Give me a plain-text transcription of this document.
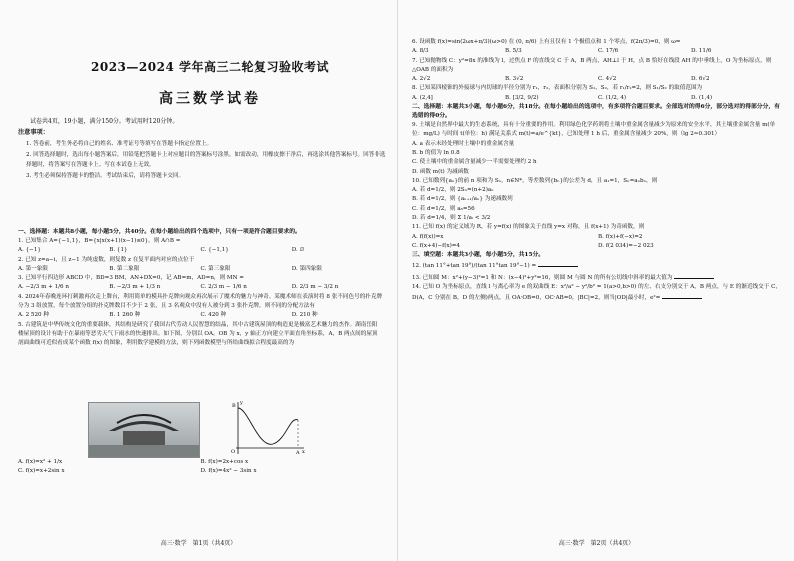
2023—2024 学年高三二轮复习验收考试
高三数学试卷
试卷共4页，19小题，满分150分。考试用时120分钟。
注意事项：

1. 答卷前，考生务必将自己的姓名、准考证号等填写在答题卡指定位置上。

2. 回答选择题时，选出每小题答案后，用铅笔把答题卡上对应题目的答案标号涂黑。如需改动，用橡皮擦干净后，再选涂其他答案标号。回答非选择题时，将答案写在答题卡上。写在本试卷上无效。

3. 考生必须保持答题卡的整洁。考试结束后，请将答题卡交回。

一、选择题：本题共8小题，每小题5分，共40分。在每小题给出的四个选项中，只有一项是符合题目要求的。

1. 已知集合 A={−1,1}，B={x|x(x+1)(x−1)≤0}，则 A∩B =

A. {−1}	B. {1}	C. {−1,1}	D. ∅

2. 已知 z=a−i，且 z−1 为纯虚数，则复数 z 在复平面内对应的点位于

A. 第一象限	B. 第二象限	C. 第三象限	D. 第四象限

3. 已知平行四边形 ABCD 中，BD=3 BM，AN+DX=0，记 AB=m，AD=n，则 MN =

A. −2/3 m + 1/6 n	B. −2/3 m + 1/3 n	C. 2/3 m − 1/6 n	D. 2/3 m − 3/2 n

4. 2024年春晚连环打刺激再次走上舞台，利用简单的模具扑克牌向观众再次展示了魔术的魅力与神奇。某魔术师在表演时将 8 张不同色号的扑克牌分为 3 组放置，每个放置分组的扑克牌数目不少于 2 张，且 3 名观众中没有人被分到 3 张扑克牌，则不同的分配方法有

A. 2 520 种	B. 1 260 种	C. 420 种	D. 210 种

5. 古建筑是中华传统文化的重要载体，其结构是研究了我国古代劳动人民智慧的结晶，其中古建筑屋顶的构造更是极富艺术魅力的杰作。湖南岳阳楼屋顶的设计有助于在暴雨等恶劣天气下雨水的快速排出。如下图，分别以 OA，OB 为 x，y 轴正方向建立平面直角坐标系，A，B 两点间的屋顶剖面曲线可近似看成某个函数 f(x) 的图象，利用数学建模的方法，则下列函数模型与所给曲线拟合程度最高的为

B
O	A x
y
A. f(x)=x² + 1/x	B. f(x)=2x+cos x
C. f(x)=x+2sin x	D. f(x)=4x² − 3sin x
高三·数学　第1页（共4页）

6. 设函数 f(x)=sin(2ωx+π/3)(ω>0) 在 (0, π/6) 上有且仅有 1 个极值点和 1 个零点，f(2π/3)=0，则 ω=

A. 8/3	B. 5/3	C. 17/6	D. 11/6

7. 已知抛物线 C：y²=8x 的准线为 l，过焦点 F 的直线交 C 于 A，B 两点，AH⊥l 于 H，点 B 恰好在线段 AH 的中垂线上，O 为坐标原点，则△OAB 的面积为

A. 2√2	B. 3√2	C. 4√2	D. 6√2

8. 已知某四棱锥的外接球与内切球的半径分别为 r₁，r₂，表面积分别为 S₁，S₂，若 r₁/r₂=2，则 S₁/S₂ 的取值范围为

A. (2,4]	B. [3/2, 9/2)	C. (1/2, 4)	D. (1,4)

二、选择题：本题共3小题，每小题6分，共18分。在每小题给出的选项中，有多项符合题目要求。全部选对的得6分，部分选对的得部分分，有选错的得0分。

9. 土壤是自然界中最大的生态系统，具有十分重要的作用。利用绿色化学药剂将土壤中重金属含量减少为原来的安全水平，其土壤重金属含量 m(单位：mg/L) 与时间 t(单位：h) 满足关系式 m(t)=a/e^{kt}，已知处理 1 h 后，重金属含量减少 20%，则（lg 2≈0.301）

A. a 表示未经处理时土壤中的重金属含量

B. b 的值为 ln 0.8

C. 使土壤中的重金属含量减少一半需要处理约 2 h

D. 函数 m(t) 为减函数

10. 已知数列{aₙ}的前 n 项和为 Sₙ，n∈N*，等差数列{bₙ}的公差为 d，且 a₁=1，Sₙ=aₙbₙ，则

A. 若 d=1/2，则 2Sₙ=(n+2)aₙ

B. 若 d=1/2，则 {aₙ₊₁/aₙ} 为递减数列

C. 若 d=1/2，则 a₆=56

D. 若 d=1/4，则 Σ 1/aᵢ < 3/2

11. 已知 f(x) 的定义域为 R，若 y=f(x) 的图象关于直线 y=x 对称，且 f(x+1) 为奇函数，则

A. f(f(x))=x	B. f(x)+f(−x)=2
C. f(x+4)−f(x)=4	D. f(2 034)=−2 023

三、填空题：本题共3小题，每小题5分，共15分。

12. (tan 11°+tan 19°)/(tan 11°tan 19°−1) =

13. 已知圆 M：x²+(y−3)²=1 和 N：(x−4)²+y²=16，则圆 M 与圆 N 的所有公切线中斜率的最大值为

14. 已知 O 为坐标原点，直线 l 与离心率为 e 的双曲线 E：x²/a² − y²/b² = 1(a>0,b>0) 的左、右支分别交于 A，B 两点，与 E 的渐近线交于 C，D(A，C 分别在 B，D 的左侧)两点，且 OA·OB=0，OC·AB=0，|BC|=2，则当|OD|最小时，e²=

高三·数学　第2页（共4页）
